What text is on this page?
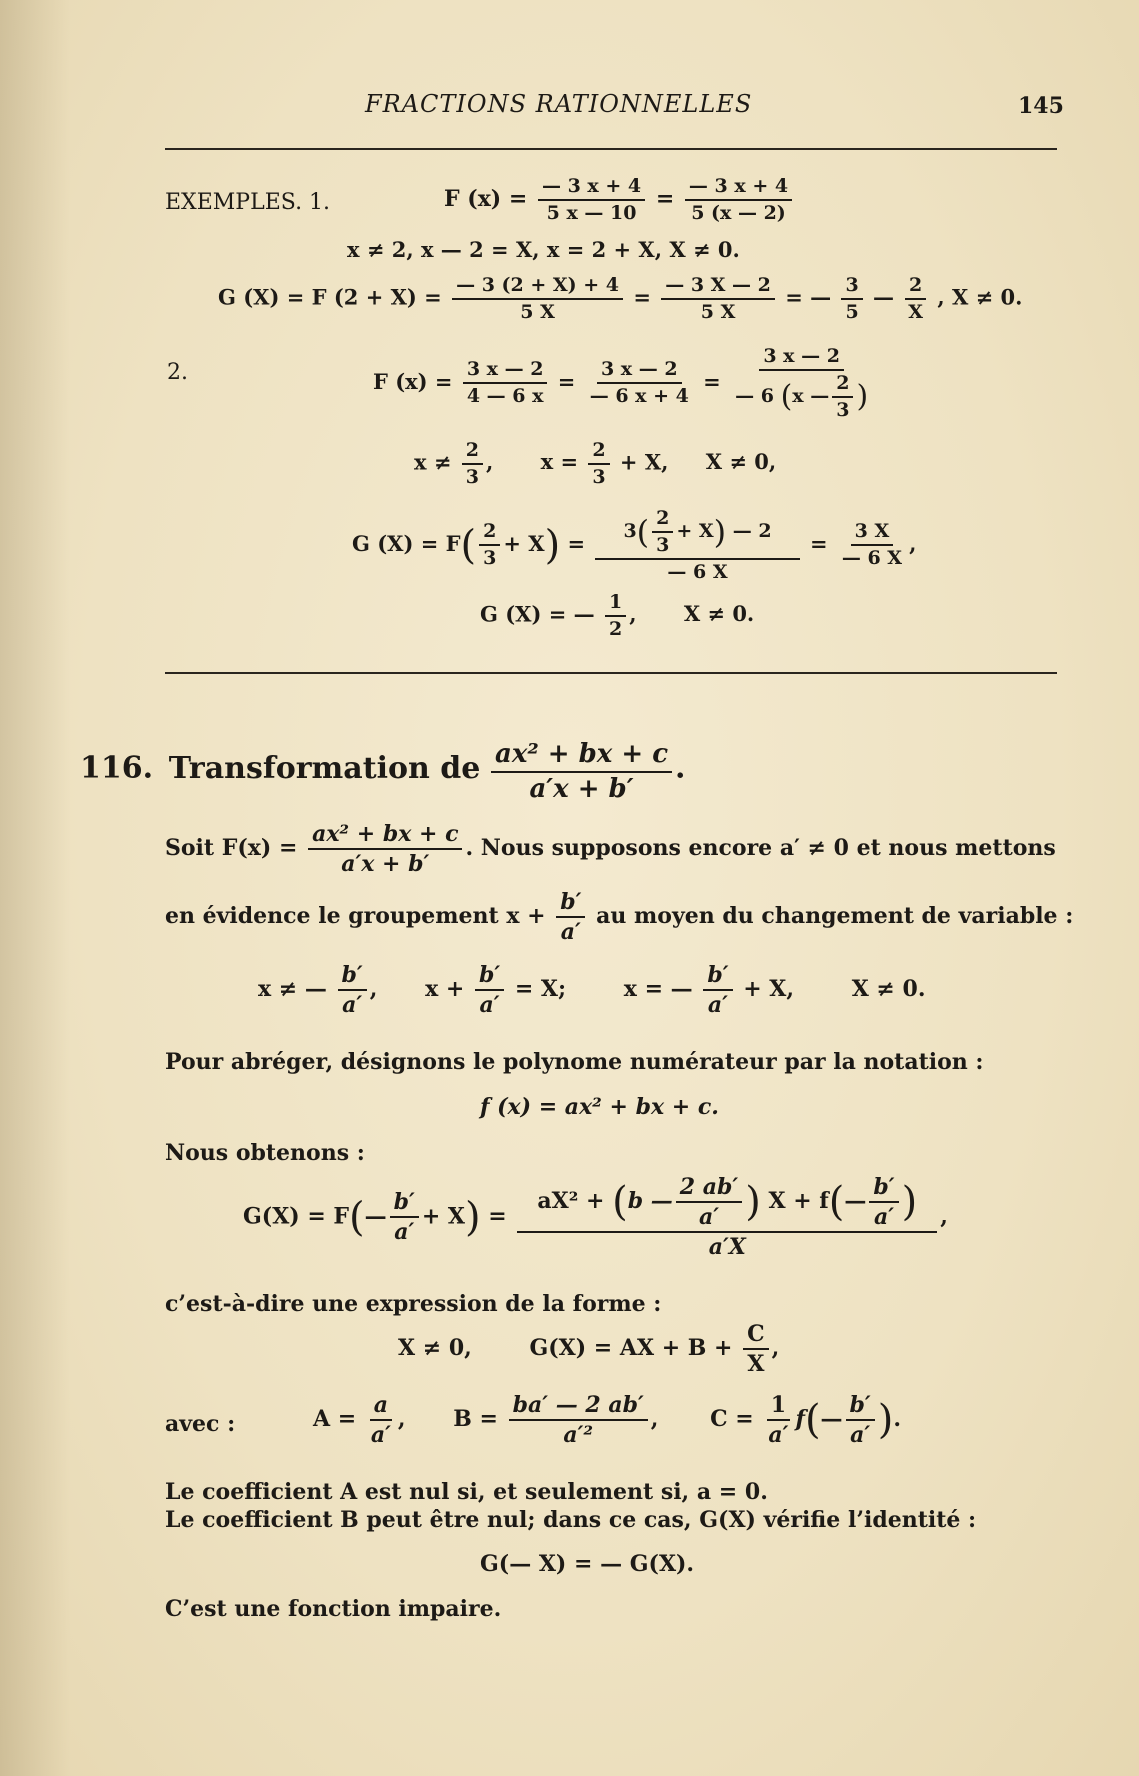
FRACTIONS RATIONNELLES	145
EXEMPLES. 1.	F $(x) = \frac{— 3 x + 4}{5 x — 10} = \frac{— 3 x + 4}{5 (x — 2)}$
x ≠ 2, x — 2 = X, x = 2 + X, X ≠ 0.
G (X) = F $(2 + X) = \frac{— 3 (2 + X) + 4}{5 X} = \frac{— 3 X — 2}{5 X}$ = — $\frac{3}{5}$ — $\frac{2}{X}$ , X ≠ 0.
2.	F $(x) = \frac{3 x — 2}{4 — 6 x} = \frac{3 x — 2}{— 6 x + 4} = \frac{3 x — 2}{— 6 (x — \frac{2}{3} )}$
$x \ne \frac{2}{3}$ , $x = \frac{2}{3} + X$, X ≠ 0,
G $(X) = F( \frac{2}{3} + X) = \frac{3( \frac{2}{3} + X) — 2}{— 6 X} = \frac{3 X}{— 6 X}$ ,
G (X) = — $\frac{1}{2}$ , X ≠ 0.
116. Transformation de $\frac{\text{ax² + bx + c}}{a'x + b'}$ .
Soit $F(x) = \frac{\text{ax² + bx + c}}{a'x + b'}$ . Nous supposons encore a′ ≠ 0 et nous mettons
en évidence le groupement $x + \frac{b'}{a'}$ au moyen du changement de variable :
x ≠ — $\frac{b'}{a'}$ , $x + \frac{b'}{a'} = X$;	x = — $\frac{b'}{a'} + X$,	X ≠ 0.
Pour abréger, désignons le polynome numérateur par la notation :
f (x) = ax² + bx + c.
Nous obtenons :
G(X) = F(— $\frac{b'}{a'} + X) = \frac{aX^2 + (b — \frac{2 ab'}{a'} ) X + f(— \frac{b'}{a'} )}{a'X}$ ,
c’est-à-dire une expression de la forme :
X ≠ 0,	G(X) = AX + $B + \frac{C}{X}$ ,
avec :	$A = \frac{a}{a'}$ , $B = \frac{ba' — 2 ab'}{\text{a′²}}$ , $C = \frac{1}{a'}$ f(— $\frac{b'}{a'}$ ).
Le coefficient A est nul si, et seulement si, a = 0.
Le coefficient B peut être nul; dans ce cas, G(X) vérifie l’identité :
G(— X) = — G(X).
C’est une fonction impaire.
